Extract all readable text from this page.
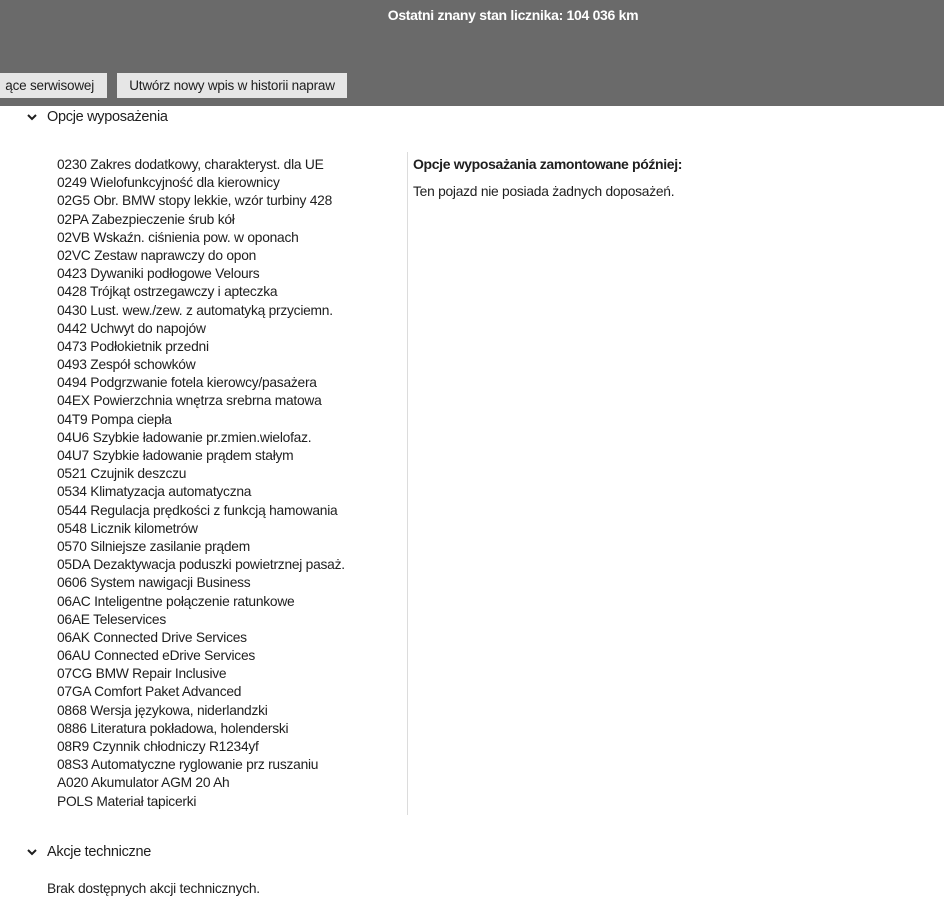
Ostatni znany stan licznika: 104 036 km
ące serwisowej	Utwórz nowy wpis w historii napraw
Opcje wyposażenia
0230 Zakres dodatkowy, charakteryst. dla UE
0249 Wielofunkcyjność dla kierownicy
02G5 Obr. BMW stopy lekkie, wzór turbiny 428
02PA Zabezpieczenie śrub kół
02VB Wskaźn. ciśnienia pow. w oponach
02VC Zestaw naprawczy do opon
0423 Dywaniki podłogowe Velours
0428 Trójkąt ostrzegawczy i apteczka
0430 Lust. wew./zew. z automatyką przyciemn.
0442 Uchwyt do napojów
0473 Podłokietnik przedni
0493 Zespół schowków
0494 Podgrzwanie fotela kierowcy/pasażera
04EX Powierzchnia wnętrza srebrna matowa
04T9 Pompa ciepła
04U6 Szybkie ładowanie pr.zmien.wielofaz.
04U7 Szybkie ładowanie prądem stałym
0521 Czujnik deszczu
0534 Klimatyzacja automatyczna
0544 Regulacja prędkości z funkcją hamowania
0548 Licznik kilometrów
0570 Silniejsze zasilanie prądem
05DA Dezaktywacja poduszki powietrznej pasaż.
0606 System nawigacji Business
06AC Inteligentne połączenie ratunkowe
06AE Teleservices
06AK Connected Drive Services
06AU Connected eDrive Services
07CG BMW Repair Inclusive
07GA Comfort Paket Advanced
0868 Wersja językowa, niderlandzki
0886 Literatura pokładowa, holenderski
08R9 Czynnik chłodniczy R1234yf
08S3 Automatyczne ryglowanie prz ruszaniu
A020 Akumulator AGM 20 Ah
POLS Materiał tapicerki
Opcje wyposażania zamontowane później:
Ten pojazd nie posiada żadnych doposażeń.
Akcje techniczne
Brak dostępnych akcji technicznych.
